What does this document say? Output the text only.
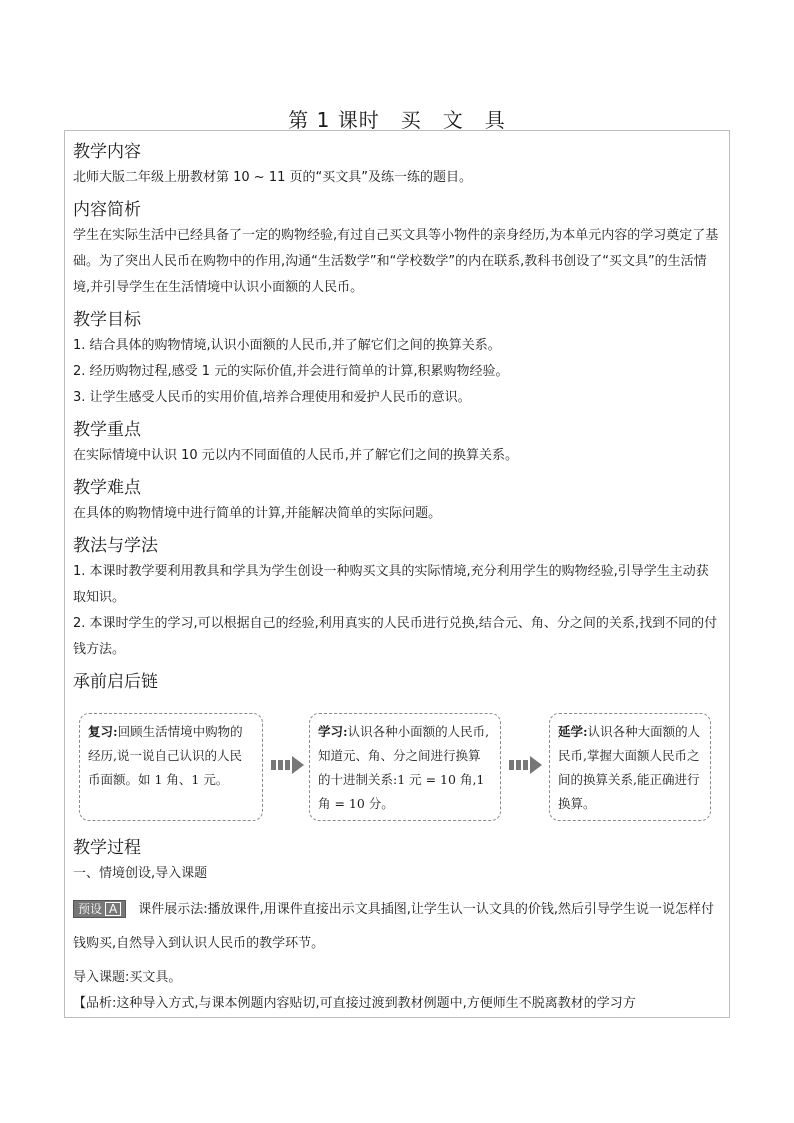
第 1 课时　买　文　具
教学内容

北师大版二年级上册教材第 10 ~ 11 页的“买文具”及练一练的题目。

内容简析

学生在实际生活中已经具备了一定的购物经验,有过自己买文具等小物件的亲身经历,为本单元内容的学习奠定了基础。为了突出人民币在购物中的作用,沟通“生活数学”和“学校数学”的内在联系,教科书创设了“买文具”的生活情境,并引导学生在生活情境中认识小面额的人民币。

教学目标

1. 结合具体的购物情境,认识小面额的人民币,并了解它们之间的换算关系。

2. 经历购物过程,感受 1 元的实际价值,并会进行简单的计算,积累购物经验。

3. 让学生感受人民币的实用价值,培养合理使用和爱护人民币的意识。

教学重点

在实际情境中认识 10 元以内不同面值的人民币,并了解它们之间的换算关系。

教学难点

在具体的购物情境中进行简单的计算,并能解决简单的实际问题。

教法与学法

1. 本课时教学要利用教具和学具为学生创设一种购买文具的实际情境,充分利用学生的购物经验,引导学生主动获取知识。

2. 本课时学生的学习,可以根据自己的经验,利用真实的人民币进行兑换,结合元、角、分之间的关系,找到不同的付钱方法。

承前启后链
复习:回顾生活情境中购物的经历,说一说自己认识的人民币面额。如 1 角、1 元。
学习:认识各种小面额的人民币,知道元、角、分之间进行换算的十进制关系:1 元 = 10 角,1 角 = 10 分。
延学:认识各种大面额的人民币,掌握大面额人民币之间的换算关系,能正确进行换算。
教学过程

一、情境创设,导入课题

预设 A 课件展示法:播放课件,用课件直接出示文具插图,让学生认一认文具的价钱,然后引导学生说一说怎样付钱购买,自然导入到认识人民币的教学环节。

导入课题:买文具。

【品析:这种导入方式,与课本例题内容贴切,可直接过渡到教材例题中,方便师生不脱离教材的学习方
